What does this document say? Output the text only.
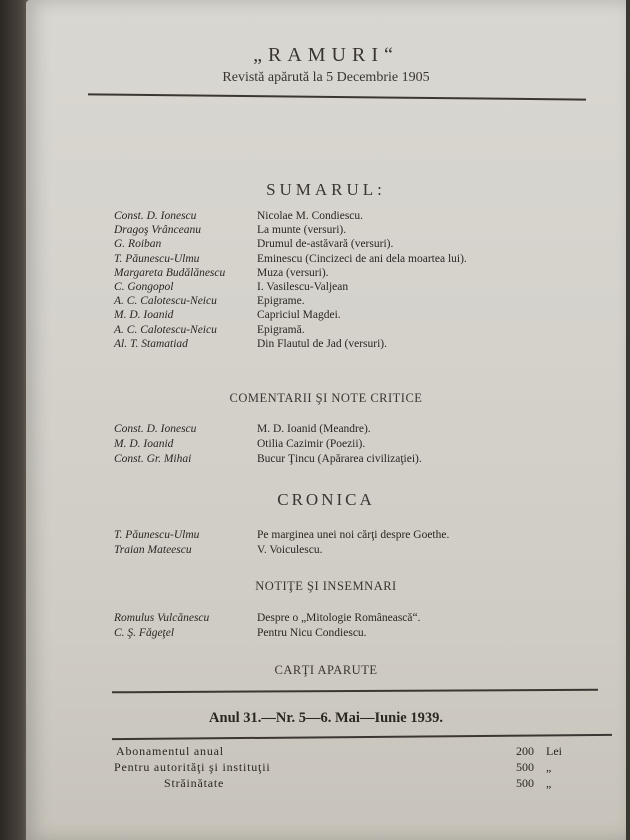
„RAMURI“
Revistă apărută la 5 Decembrie 1905
SUMARUL:
Const. D. Ionescu	Nicolae M. Condiescu.
Dragoş Vrânceanu	La munte (versuri).
G. Roiban	Drumul de-astăvară (versuri).
T. Păunescu-Ulmu	Eminescu (Cincizeci de ani dela moartea lui).
Margareta Budălănescu	Muza (versuri).
C. Gongopol	I. Vasilescu-Valjean
A. C. Calotescu-Neicu	Epigrame.
M. D. Ioanid	Capriciul Magdei.
A. C. Calotescu-Neicu	Epigramă.
Al. T. Stamatiad	Din Flautul de Jad (versuri).
COMENTARII ŞI NOTE CRITICE
Const. D. Ionescu	M. D. Ioanid (Meandre).
M. D. Ioanid	Otilia Cazimir (Poezii).
Const. Gr. Mihai	Bucur Ţincu (Apărarea civilizaţiei).
CRONICA
T. Păunescu-Ulmu	Pe marginea unei noi cărţi despre Goethe.
Traian Mateescu	V. Voiculescu.
NOTIŢE ŞI INSEMNARI
Romulus Vulcănescu	Despre o „Mitologie Românească“.
C. Ş. Făgeţel	Pentru Nicu Condiescu.
CARŢI APARUTE
Anul 31.—Nr. 5—6. Mai—Iunie 1939.
Abonamentul anual	200 Lei
Pentru autorităţi şi instituţii	500 „
Străinătate	500 „
